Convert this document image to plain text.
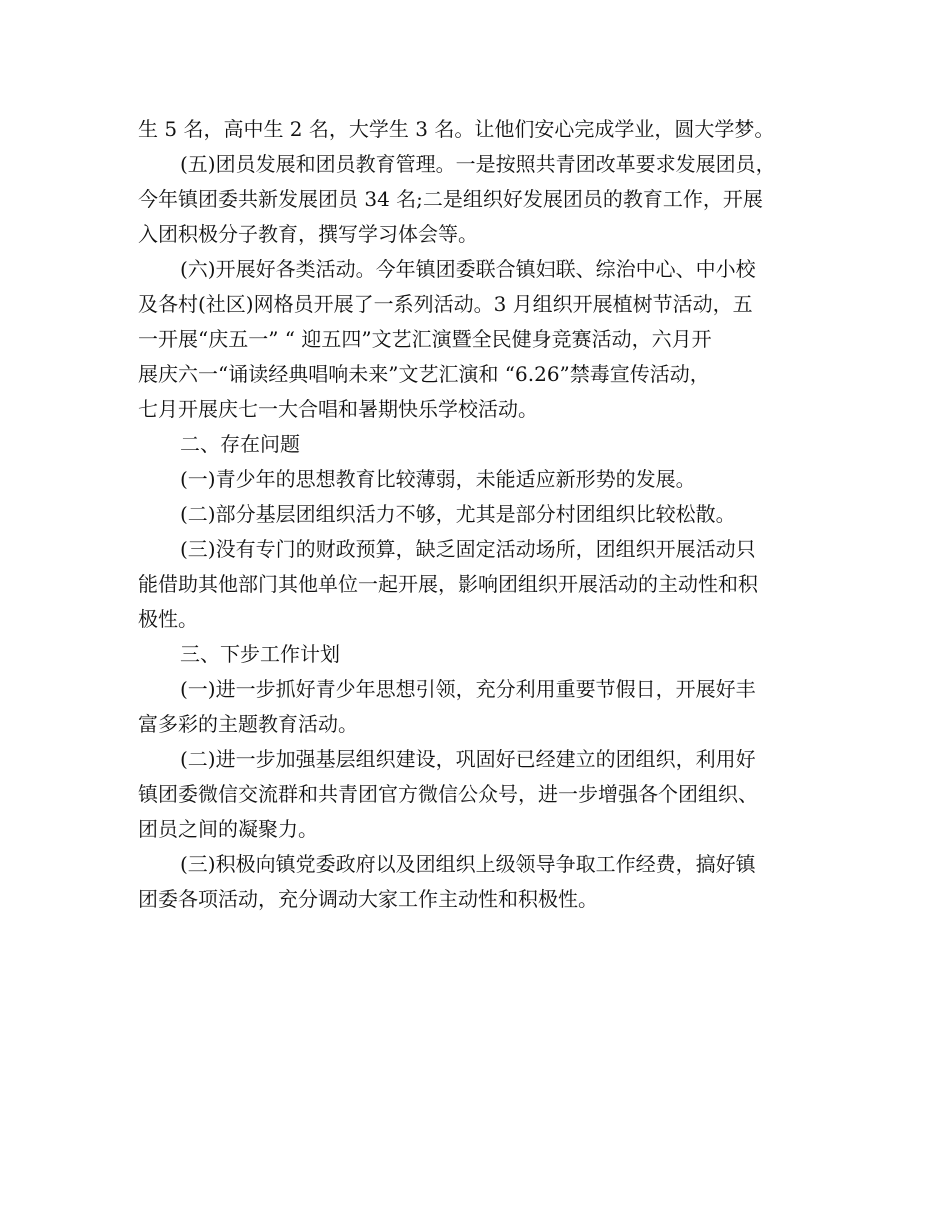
生 5 名，高中生 2 名，大学生 3 名。让他们安心完成学业，圆大学梦。

(五)团员发展和团员教育管理。一是按照共青团改革要求发展团员，
今年镇团委共新发展团员 34 名;二是组织好发展团员的教育工作，开展
入团积极分子教育，撰写学习体会等。

(六)开展好各类活动。今年镇团委联合镇妇联、综治中心、中小校
及各村(社区)网格员开展了一系列活动。3 月组织开展植树节活动，五
一开展“庆五一” “ 迎五四”文艺汇演暨全民健身竞赛活动，六月开
展庆六一“诵读经典唱响未来”文艺汇演和 “6.26”禁毒宣传活动，
七月开展庆七一大合唱和暑期快乐学校活动。

二、存在问题

(一)青少年的思想教育比较薄弱，未能适应新形势的发展。

(二)部分基层团组织活力不够，尤其是部分村团组织比较松散。

(三)没有专门的财政预算，缺乏固定活动场所，团组织开展活动只
能借助其他部门其他单位一起开展，影响团组织开展活动的主动性和积
极性。

三、下步工作计划

(一)进一步抓好青少年思想引领，充分利用重要节假日，开展好丰
富多彩的主题教育活动。

(二)进一步加强基层组织建设，巩固好已经建立的团组织，利用好
镇团委微信交流群和共青团官方微信公众号，进一步增强各个团组织、
团员之间的凝聚力。

(三)积极向镇党委政府以及团组织上级领导争取工作经费，搞好镇
团委各项活动，充分调动大家工作主动性和积极性。
